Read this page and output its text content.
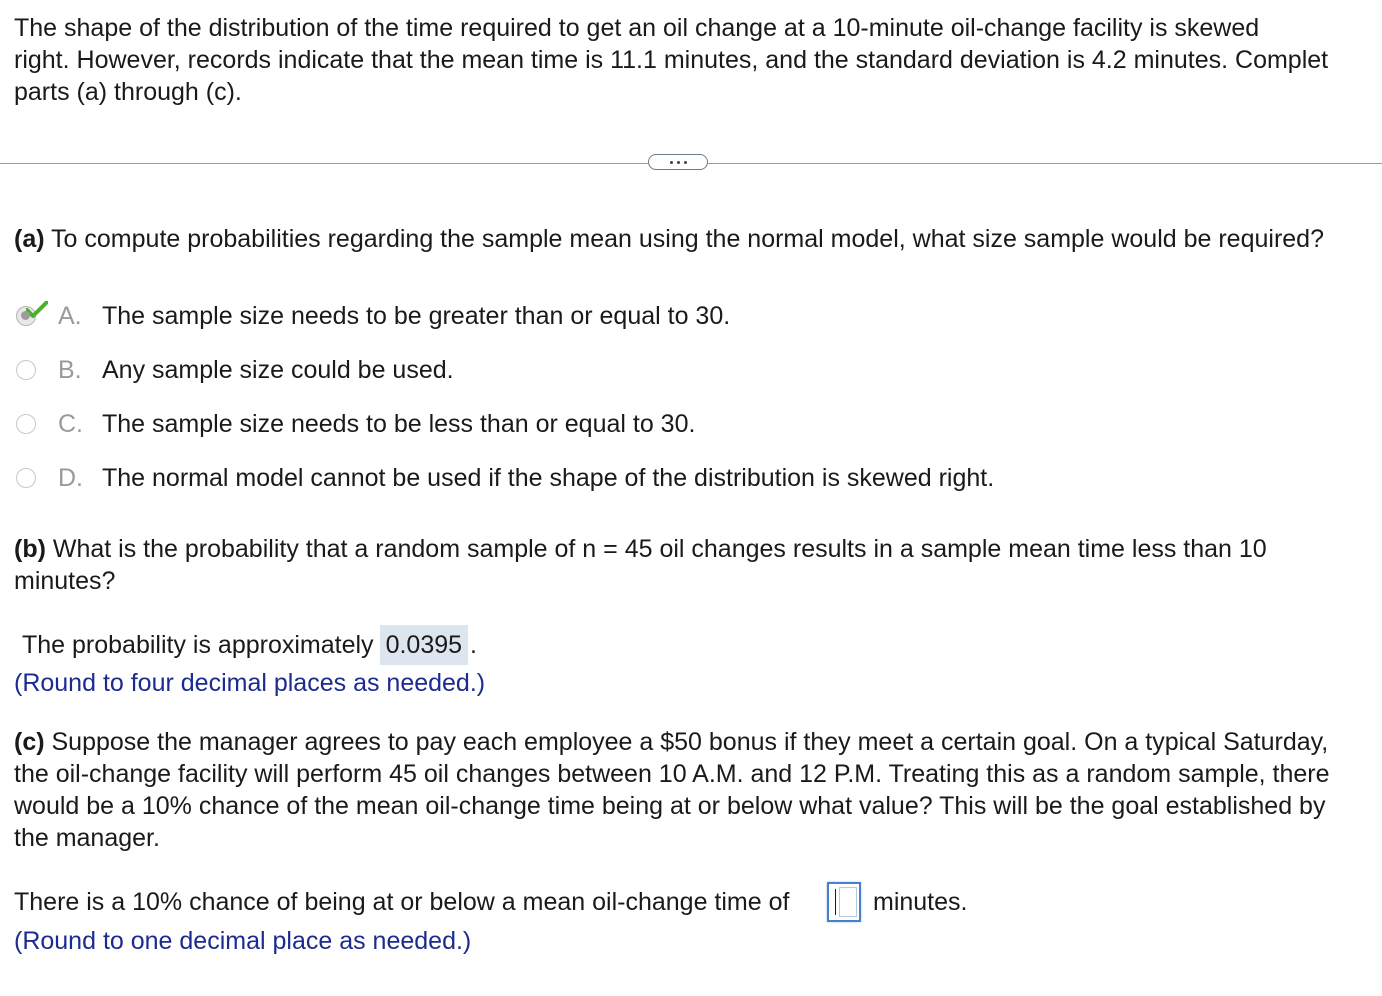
The shape of the distribution of the time required to get an oil change at a 10-minute oil-change facility is skewed
right. However, records indicate that the mean time is 11.1 minutes, and the standard deviation is 4.2 minutes. Complet
parts (a) through (c).
(a) To compute probabilities regarding the sample mean using the normal model, what size sample would be required?
A. The sample size needs to be greater than or equal to 30.
B. Any sample size could be used.
C. The sample size needs to be less than or equal to 30.
D. The normal model cannot be used if the shape of the distribution is skewed right.
(b) What is the probability that a random sample of n = 45 oil changes results in a sample mean time less than 10
minutes?
The probability is approximately 0.0395 .
(Round to four decimal places as needed.)
(c) Suppose the manager agrees to pay each employee a $50 bonus if they meet a certain goal. On a typical Saturday,
the oil-change facility will perform 45 oil changes between 10 A.M. and 12 P.M. Treating this as a random sample, there
would be a 10% chance of the mean oil-change time being at or below what value? This will be the goal established by
the manager.
There is a 10% chance of being at or below a mean oil-change time of	minutes.
(Round to one decimal place as needed.)
